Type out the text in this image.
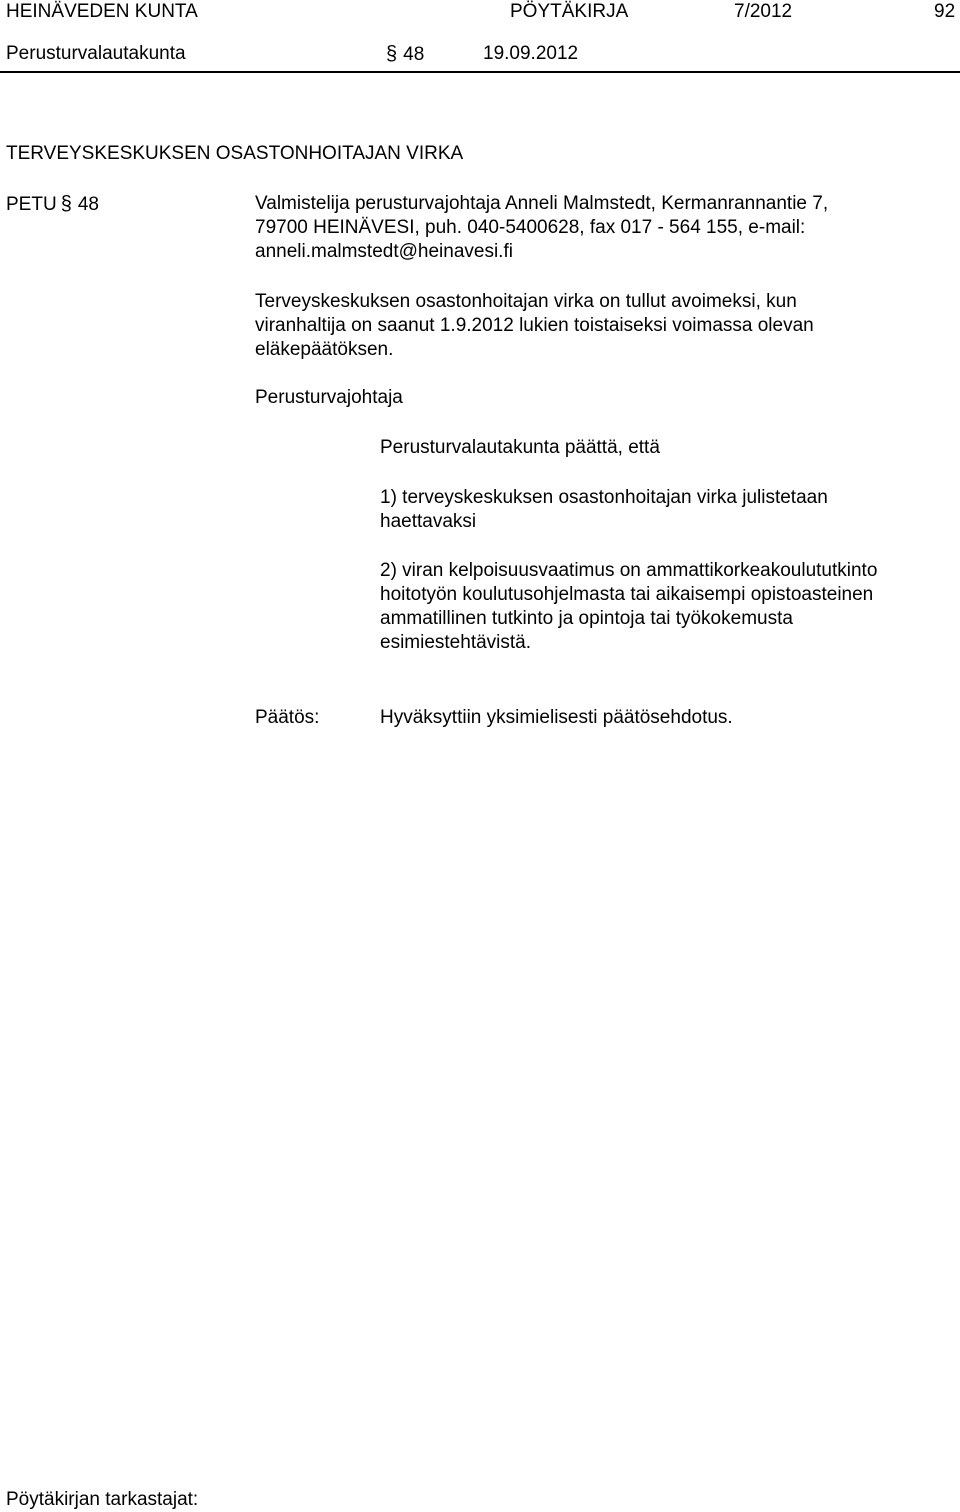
HEINÄVEDEN KUNTA	PÖYTÄKIRJA	7/2012	92
Perusturvalautakunta	§ 48	19.09.2012
TERVEYSKESKUKSEN OSASTONHOITAJAN VIRKA
PETU § 48	Valmistelija perusturvajohtaja Anneli Malmstedt, Kermanrannantie 7,
79700 HEINÄVESI, puh. 040-5400628, fax 017 - 564 155, e-mail:
anneli.malmstedt@heinavesi.fi
Terveyskeskuksen osastonhoitajan virka on tullut avoimeksi, kun
viranhaltija on saanut 1.9.2012 lukien toistaiseksi voimassa olevan
eläkepäätöksen.
Perusturvajohtaja
Perusturvalautakunta päättä, että
1) terveyskeskuksen osastonhoitajan virka julistetaan
haettavaksi
2) viran kelpoisuusvaatimus on ammattikorkeakoulututkinto
hoitotyön koulutusohjelmasta tai aikaisempi opistoasteinen
ammatillinen tutkinto ja opintoja tai työkokemusta
esimiestehtävistä.
Päätös:	Hyväksyttiin yksimielisesti päätösehdotus.
Pöytäkirjan tarkastajat:
